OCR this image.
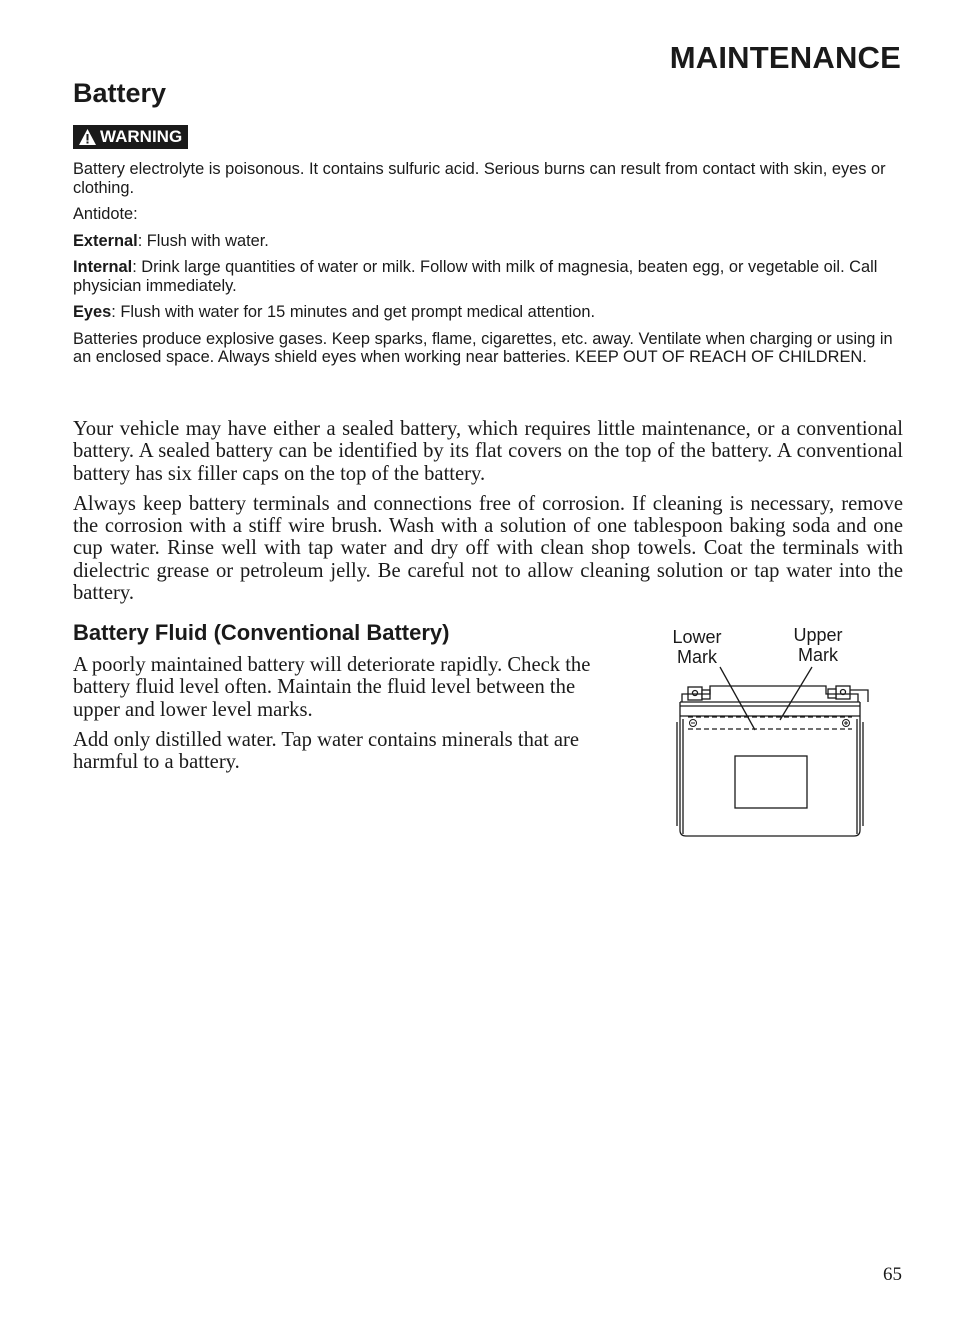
MAINTENANCE
Battery
WARNING

Battery electrolyte is poisonous. It contains sulfuric acid. Serious burns can result from contact with skin, eyes or clothing.

Antidote:

External: Flush with water.

Internal: Drink large quantities of water or milk. Follow with milk of magnesia, beaten egg, or vegetable oil. Call physician immediately.

Eyes: Flush with water for 15 minutes and get prompt medical attention.

Batteries produce explosive gases. Keep sparks, flame, cigarettes, etc. away. Ventilate when charging or using in an enclosed space. Always shield eyes when working near batteries. KEEP OUT OF REACH OF CHILDREN.

Your vehicle may have either a sealed battery, which requires little maintenance, or a conventional battery. A sealed battery can be identified by its flat covers on the top of the battery. A conventional battery has six filler caps on the top of the battery.

Always keep battery terminals and connections free of corrosion. If cleaning is necessary, remove the corrosion with a stiff wire brush. Wash with a solution of one tablespoon baking soda and one cup water. Rinse well with tap water and dry off with clean shop towels. Coat the terminals with dielectric grease or petroleum jelly. Be careful not to allow cleaning solution or tap water into the battery.

Battery Fluid (Conventional Battery)

A poorly maintained battery will deteriorate rapidly. Check the battery fluid level often. Maintain the fluid level between the upper and lower level marks.

Add only distilled water. Tap water contains minerals that are harmful to a battery.

Lower
Mark
Upper
Mark
65
